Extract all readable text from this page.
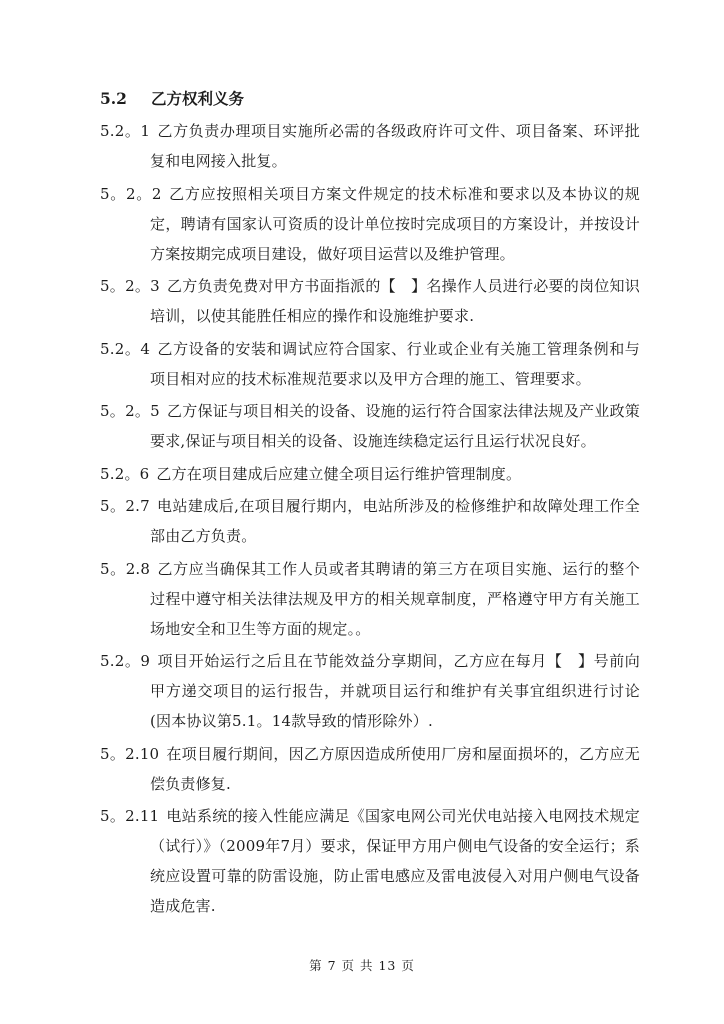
5.2 乙方权利义务
5.2。1 乙方负责办理项目实施所必需的各级政府许可文件、项目备案、环评批复和电网接入批复。
5。2。2 乙方应按照相关项目方案文件规定的技术标准和要求以及本协议的规定，聘请有国家认可资质的设计单位按时完成项目的方案设计，并按设计方案按期完成项目建设，做好项目运营以及维护管理。
5。2。3 乙方负责免费对甲方书面指派的【　】名操作人员进行必要的岗位知识培训，以使其能胜任相应的操作和设施维护要求.
5.2。4 乙方设备的安装和调试应符合国家、行业或企业有关施工管理条例和与项目相对应的技术标准规范要求以及甲方合理的施工、管理要求。
5。2。5 乙方保证与项目相关的设备、设施的运行符合国家法律法规及产业政策要求,保证与项目相关的设备、设施连续稳定运行且运行状况良好。
5.2。6 乙方在项目建成后应建立健全项目运行维护管理制度。
5。2.7 电站建成后,在项目履行期内，电站所涉及的检修维护和故障处理工作全部由乙方负责。
5。2.8 乙方应当确保其工作人员或者其聘请的第三方在项目实施、运行的整个过程中遵守相关法律法规及甲方的相关规章制度，严格遵守甲方有关施工场地安全和卫生等方面的规定。。
5.2。9 项目开始运行之后且在节能效益分享期间，乙方应在每月【　】号前向甲方递交项目的运行报告，并就项目运行和维护有关事宜组织进行讨论(因本协议第5.1。14款导致的情形除外）.
5。2.10 在项目履行期间，因乙方原因造成所使用厂房和屋面损坏的，乙方应无偿负责修复.
5。2.11 电站系统的接入性能应满足《国家电网公司光伏电站接入电网技术规定（试行）》（2009年7月）要求，保证甲方用户侧电气设备的安全运行；系统应设置可靠的防雷设施，防止雷电感应及雷电波侵入对用户侧电气设备造成危害.
第 7 页 共 13 页
